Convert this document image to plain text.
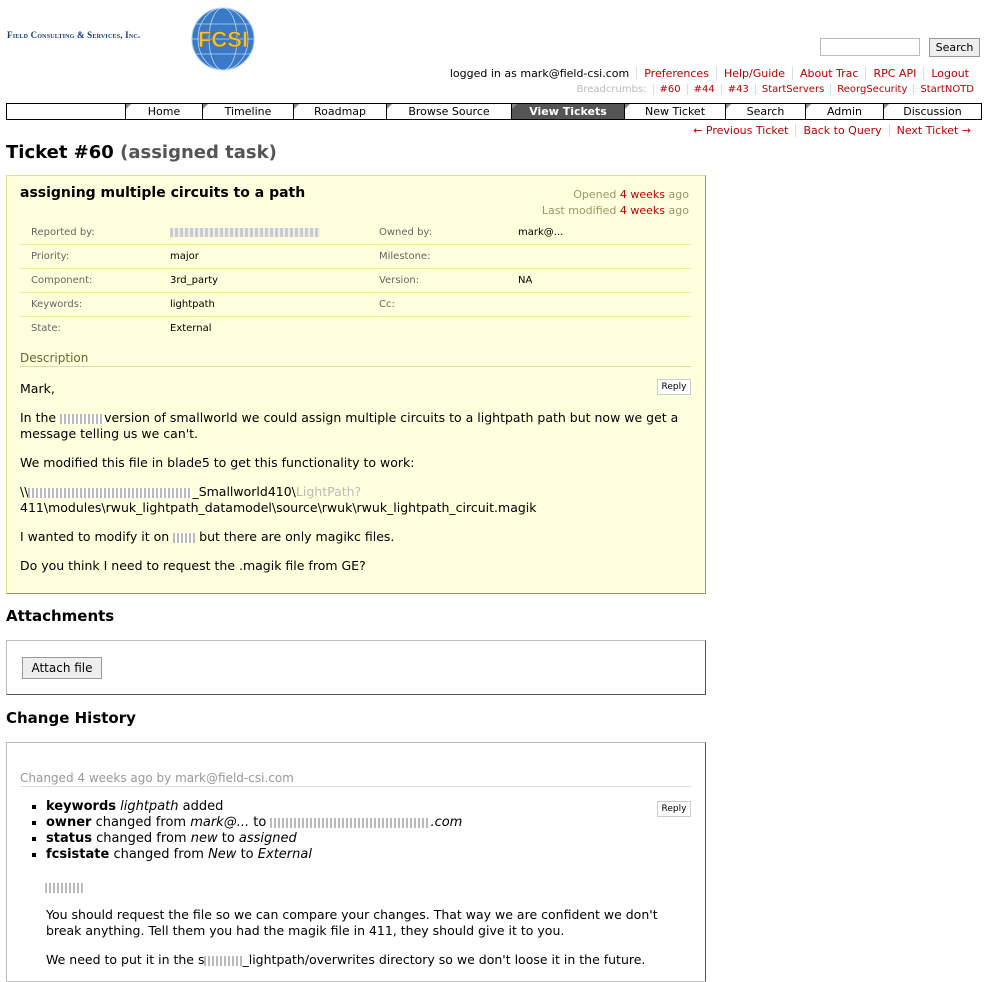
Field Consulting & Services, Inc.	FCSI	Search
logged in as mark@field-csi.com	Preferences	Help/Guide	About Trac	RPC API	Logout
Breadcrumbs:	#60	#44	#43	StartServers	ReorgSecurity	StartNOTD
Home	Timeline	Roadmap	Browse Source	View Tickets	New Ticket	Search	Admin	Discussion
← Previous Ticket	Back to Query	Next Ticket →
Ticket #60 (assigned task)
assigning multiple circuits to a path	Opened 4 weeks ago
Last modified 4 weeks ago
Reported by:		Owned by:	mark@...
Priority:	major	Milestone:	
Component:	3rd_party	Version:	NA
Keywords:	lightpath	Cc:	
State:	External		
Description
Reply
Mark,
In the	version of smallworld we could assign multiple circuits to a lightpath path but now we get a message telling us we can't.
We modified this file in blade5 to get this functionality to work:
\\	_Smallworld410\LightPath?411\modules\rwuk_lightpath_datamodel\source\rwuk\rwuk_lightpath_circuit.magik
I wanted to modify it on but there are only magikc files.
Do you think I need to request the .magik file from GE?
Attachments
Attach file
Change History
Changed 4 weeks ago by mark@field-csi.com
Reply
▪ keywords lightpath added
▪ owner changed from mark@... to	.com
▪ status changed from new to assigned
▪ fcsistate changed from New to External
You should request the file so we can compare your changes. That way we are confident we don't break anything. Tell them you had the magik file in 411, they should give it to you.
We need to put it in the s	_lightpath/overwrites directory so we don't loose it in the future.
